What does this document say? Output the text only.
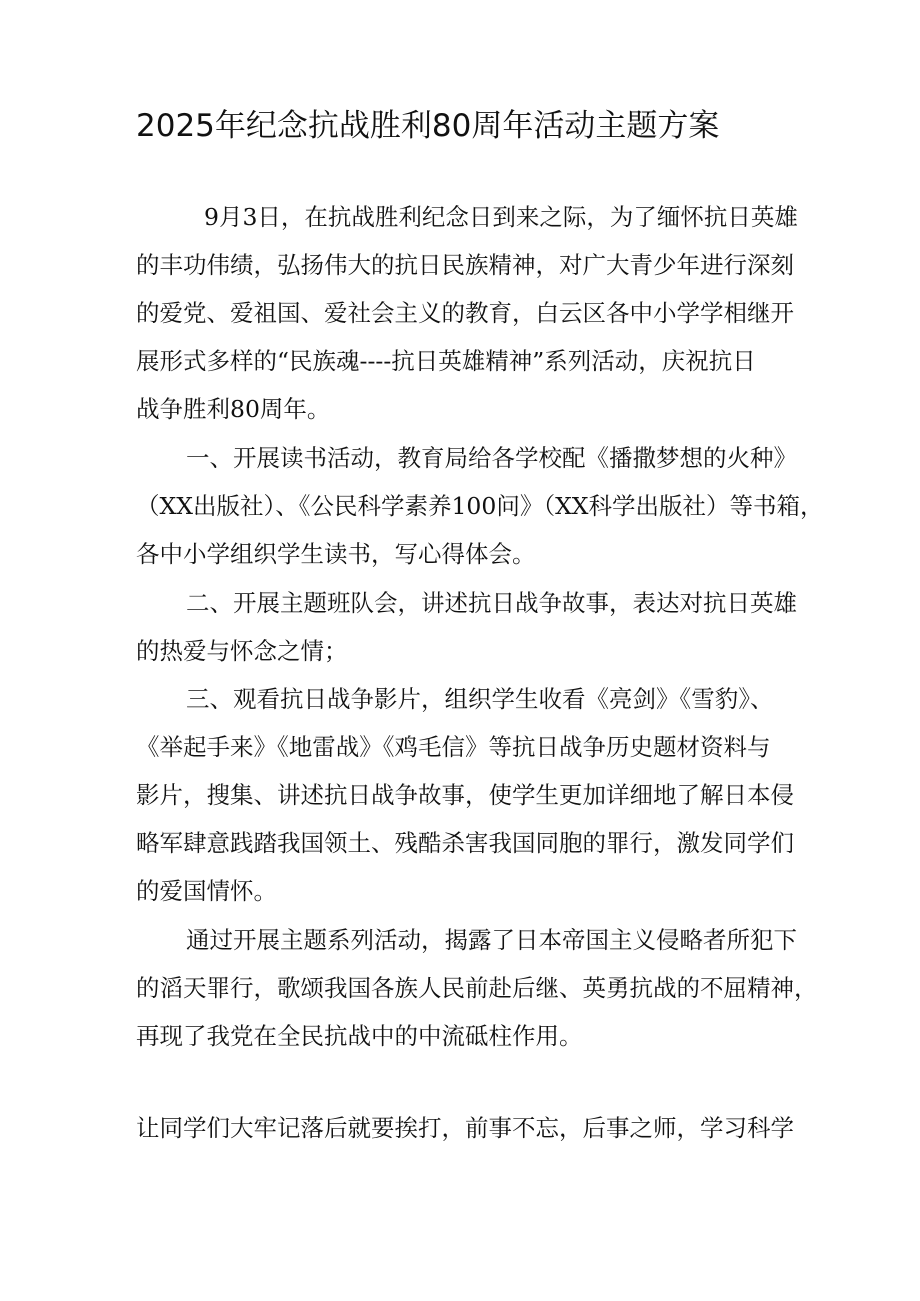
2025年纪念抗战胜利80周年活动主题方案
9月3日，在抗战胜利纪念日到来之际，为了缅怀抗日英雄
的丰功伟绩，弘扬伟大的抗日民族精神，对广大青少年进行深刻
的爱党、爱祖国、爱社会主义的教育，白云区各中小学学相继开
展形式多样的“民族魂----抗日英雄精神”系列活动，庆祝抗日
战争胜利80周年。
一、开展读书活动，教育局给各学校配《播撒梦想的火种》
（XX出版社）、《公民科学素养100问》（XX科学出版社）等书箱，
各中小学组织学生读书，写心得体会。
二、开展主题班队会，讲述抗日战争故事，表达对抗日英雄
的热爱与怀念之情；
三、观看抗日战争影片，组织学生收看《亮剑》《雪豹》、
《举起手来》《地雷战》《鸡毛信》等抗日战争历史题材资料与
影片，搜集、讲述抗日战争故事，使学生更加详细地了解日本侵
略军肆意践踏我国领土、残酷杀害我国同胞的罪行，激发同学们
的爱国情怀。
通过开展主题系列活动，揭露了日本帝国主义侵略者所犯下
的滔天罪行，歌颂我国各族人民前赴后继、英勇抗战的不屈精神，
再现了我党在全民抗战中的中流砥柱作用。
让同学们大牢记落后就要挨打，前事不忘，后事之师，学习科学
